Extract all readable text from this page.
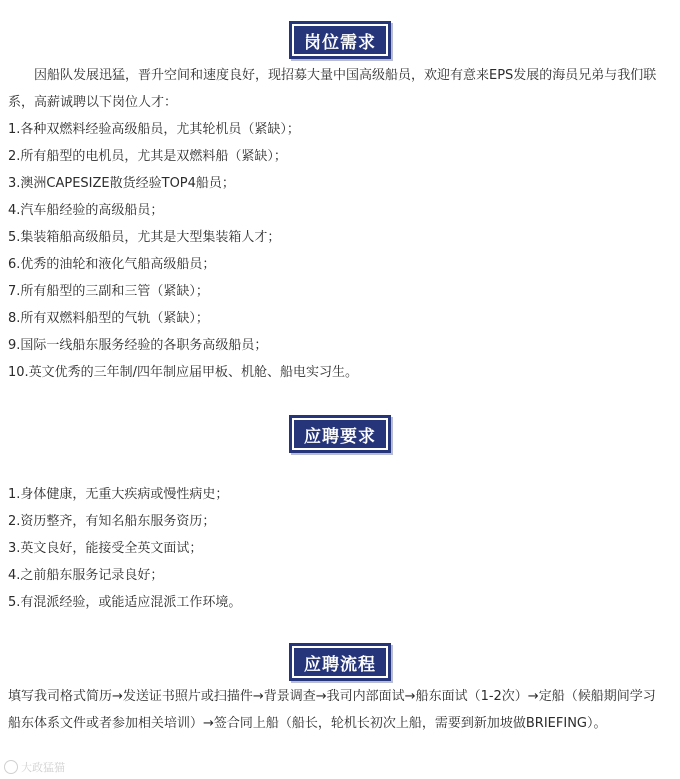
岗位需求

因船队发展迅猛，晋升空间和速度良好，现招募大量中国高级船员，欢迎有意来EPS发展的海员兄弟与我们联系，高薪诚聘以下岗位人才：

1.各种双燃料经验高级船员，尤其轮机员（紧缺）；
2.所有船型的电机员，尤其是双燃料船（紧缺）；
3.澳洲CAPESIZE散货经验TOP4船员；
4.汽车船经验的高级船员；
5.集装箱船高级船员，尤其是大型集装箱人才；
6.优秀的油轮和液化气船高级船员；
7.所有船型的三副和三管（紧缺）；
8.所有双燃料船型的气轨（紧缺）；
9.国际一线船东服务经验的各职务高级船员；
10.英文优秀的三年制/四年制应届甲板、机舱、船电实习生。
应聘要求
1.身体健康，无重大疾病或慢性病史；
2.资历整齐，有知名船东服务资历；
3.英文良好，能接受全英文面试；
4.之前船东服务记录良好；
5.有混派经验，或能适应混派工作环境。
应聘流程

填写我司格式简历→发送证书照片或扫描件→背景调查→我司内部面试→船东面试（1-2次）→定船（候船期间学习船东体系文件或者参加相关培训）→签合同上船（船长，轮机长初次上船，需要到新加坡做BRIEFING）。

大政猛猫
